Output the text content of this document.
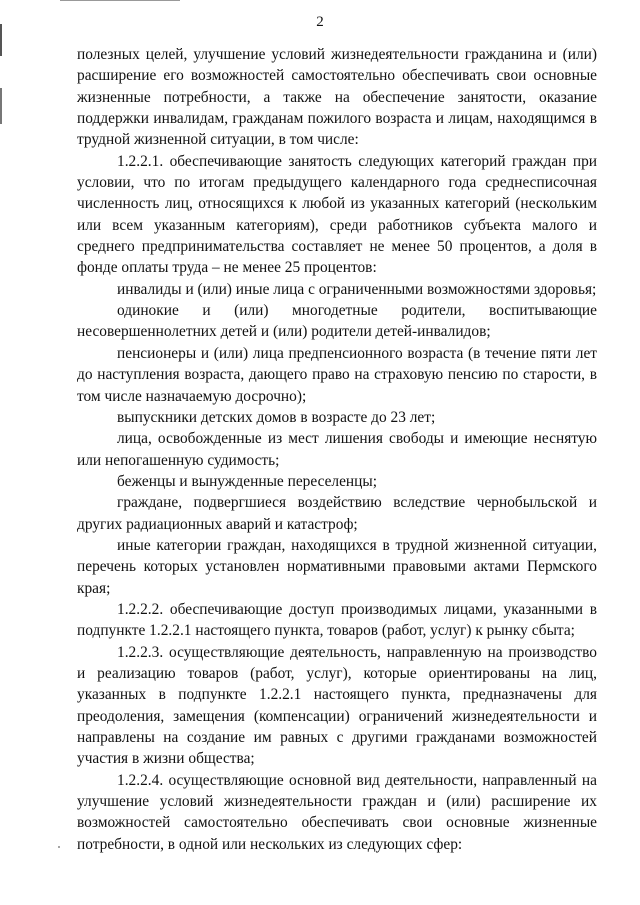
2

полезных целей, улучшение условий жизнедеятельности гражданина и (или) расширение его возможностей самостоятельно обеспечивать свои основные жизненные потребности, а также на обеспечение занятости, оказание поддержки инвалидам, гражданам пожилого возраста и лицам, находящимся в трудной жизненной ситуации, в том числе:

1.2.2.1. обеспечивающие занятость следующих категорий граждан при условии, что по итогам предыдущего календарного года среднесписочная численность лиц, относящихся к любой из указанных категорий (нескольким или всем указанным категориям), среди работников субъекта малого и среднего предпринимательства составляет не менее 50 процентов, а доля в фонде оплаты труда – не менее 25 процентов:

инвалиды и (или) иные лица с ограниченными возможностями здоровья;

одинокие и (или) многодетные родители, воспитывающие несовершеннолетних детей и (или) родители детей-инвалидов;

пенсионеры и (или) лица предпенсионного возраста (в течение пяти лет до наступления возраста, дающего право на страховую пенсию по старости, в том числе назначаемую досрочно);

выпускники детских домов в возрасте до 23 лет;

лица, освобожденные из мест лишения свободы и имеющие неснятую или непогашенную судимость;

беженцы и вынужденные переселенцы;

граждане, подвергшиеся воздействию вследствие чернобыльской и других радиационных аварий и катастроф;

иные категории граждан, находящихся в трудной жизненной ситуации, перечень которых установлен нормативными правовыми актами Пермского края;

1.2.2.2. обеспечивающие доступ производимых лицами, указанными в подпункте 1.2.2.1 настоящего пункта, товаров (работ, услуг) к рынку сбыта;

1.2.2.3. осуществляющие деятельность, направленную на производство и реализацию товаров (работ, услуг), которые ориентированы на лиц, указанных в подпункте 1.2.2.1 настоящего пункта, предназначены для преодоления, замещения (компенсации) ограничений жизнедеятельности и направлены на создание им равных с другими гражданами возможностей участия в жизни общества;

1.2.2.4. осуществляющие основной вид деятельности, направленный на улучшение условий жизнедеятельности граждан и (или) расширение их возможностей самостоятельно обеспечивать свои основные жизненные потребности, в одной или нескольких из следующих сфер:
